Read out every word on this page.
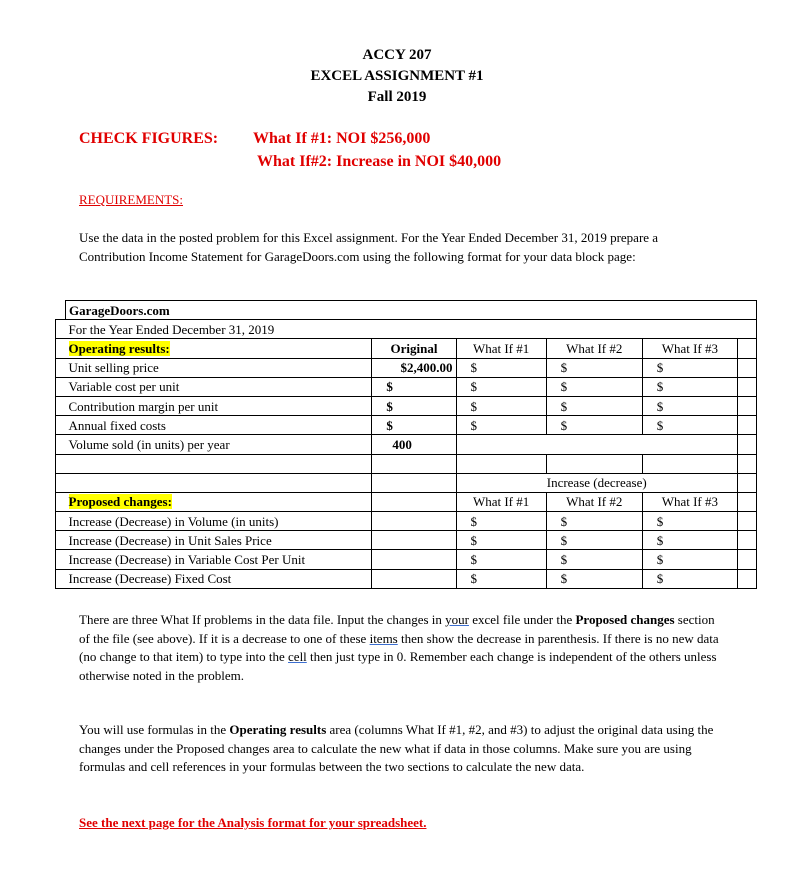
ACCY 207
EXCEL ASSIGNMENT #1
Fall 2019
CHECK FIGURES: What If #1: NOI $256,000
What If#2: Increase in NOI $40,000
REQUIREMENTS:
Use the data in the posted problem for this Excel assignment. For the Year Ended December 31, 2019 prepare a Contribution Income Statement for GarageDoors.com using the following format for your data block page:
	GarageDoors.com					
	For the Year Ended December 31, 2019					
	Operating results:	Original	What If #1	What If #2	What If #3	
	Unit selling price	$2,400.00	$	$	$	
	Variable cost per unit	$	$	$	$	
	Contribution margin per unit	$	$	$	$	
	Annual fixed costs	$	$	$	$	
	Volume sold (in units) per year	400				

			Increase (decrease)			
	Proposed changes:		What If #1	What If #2	What If #3	
	Increase (Decrease) in Volume (in units)		$	$	$	
	Increase (Decrease) in Unit Sales Price		$	$	$	
	Increase (Decrease) in Variable Cost Per Unit		$	$	$	
	Increase (Decrease) Fixed Cost		$	$	$	
There are three What If problems in the data file. Input the changes in your excel file under the Proposed changes section of the file (see above). If it is a decrease to one of these items then show the decrease in parenthesis. If there is no new data (no change to that item) to type into the cell then just type in 0. Remember each change is independent of the others unless otherwise noted in the problem.
You will use formulas in the Operating results area (columns What If #1, #2, and #3) to adjust the original data using the changes under the Proposed changes area to calculate the new what if data in those columns. Make sure you are using formulas and cell references in your formulas between the two sections to calculate the new data.
See the next page for the Analysis format for your spreadsheet.
